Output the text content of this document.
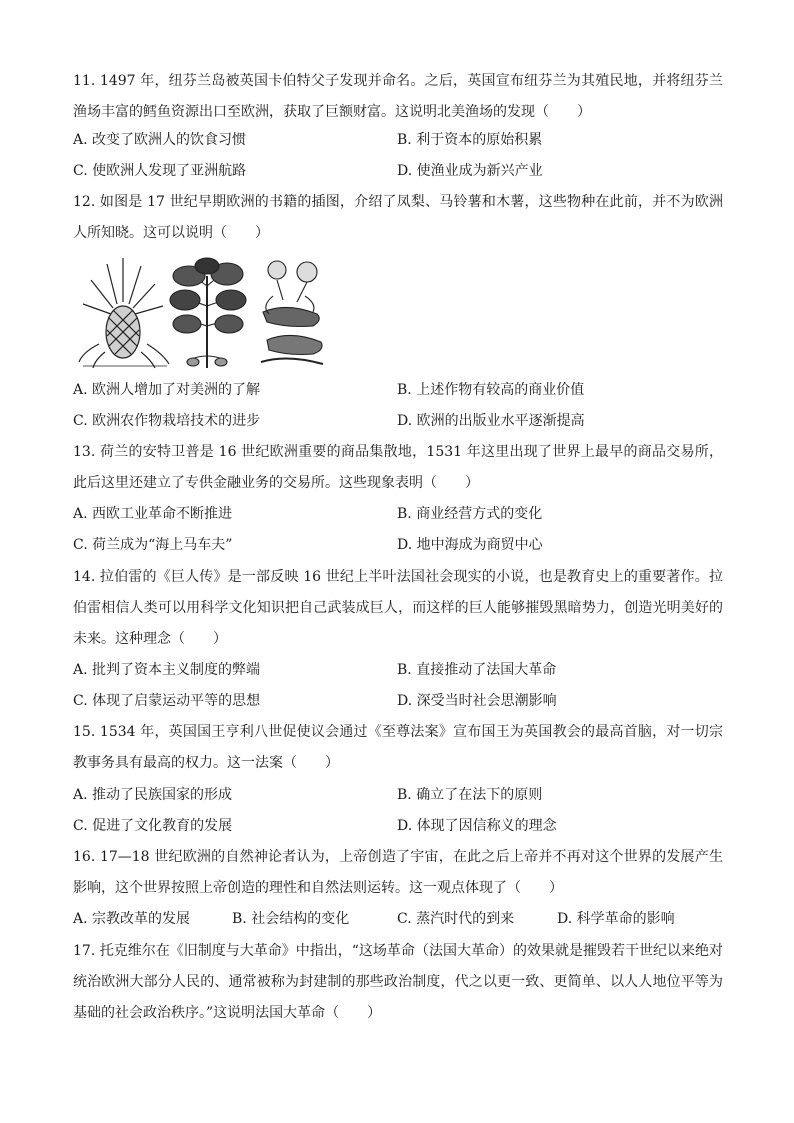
11. 1497 年，纽芬兰岛被英国卡伯特父子发现并命名。之后，英国宣布纽芬兰为其殖民地，并将纽芬兰渔场丰富的鳕鱼资源出口至欧洲，获取了巨额财富。这说明北美渔场的发现（　　）

A. 改变了欧洲人的饮食习惯	B. 利于资本的原始积累
C. 使欧洲人发现了亚洲航路	D. 使渔业成为新兴产业

12. 如图是 17 世纪早期欧洲的书籍的插图，介绍了凤梨、马铃薯和木薯，这些物种在此前，并不为欧洲人所知晓。这可以说明（　　）

A. 欧洲人增加了对美洲的了解	B. 上述作物有较高的商业价值
C. 欧洲农作物栽培技术的进步	D. 欧洲的出版业水平逐渐提高

13. 荷兰的安特卫普是 16 世纪欧洲重要的商品集散地，1531 年这里出现了世界上最早的商品交易所，此后这里还建立了专供金融业务的交易所。这些现象表明（　　）

A. 西欧工业革命不断推进	B. 商业经营方式的变化
C. 荷兰成为“海上马车夫”	D. 地中海成为商贸中心

14. 拉伯雷的《巨人传》是一部反映 16 世纪上半叶法国社会现实的小说，也是教育史上的重要著作。拉伯雷相信人类可以用科学文化知识把自己武装成巨人，而这样的巨人能够摧毁黑暗势力，创造光明美好的未来。这种理念（　　）

A. 批判了资本主义制度的弊端	B. 直接推动了法国大革命
C. 体现了启蒙运动平等的思想	D. 深受当时社会思潮影响

15. 1534 年，英国国王亨利八世促使议会通过《至尊法案》宣布国王为英国教会的最高首脑，对一切宗教事务具有最高的权力。这一法案（　　）

A. 推动了民族国家的形成	B. 确立了在法下的原则
C. 促进了文化教育的发展	D. 体现了因信称义的理念

16. 17—18 世纪欧洲的自然神论者认为，上帝创造了宇宙，在此之后上帝并不再对这个世界的发展产生影响，这个世界按照上帝创造的理性和自然法则运转。这一观点体现了（　　）

A. 宗教改革的发展	B. 社会结构的变化	C. 蒸汽时代的到来	D. 科学革命的影响

17. 托克维尔在《旧制度与大革命》中指出，“这场革命（法国大革命）的效果就是摧毁若干世纪以来绝对统治欧洲大部分人民的、通常被称为封建制的那些政治制度，代之以更一致、更简单、以人人地位平等为基础的社会政治秩序。”这说明法国大革命（　　）
